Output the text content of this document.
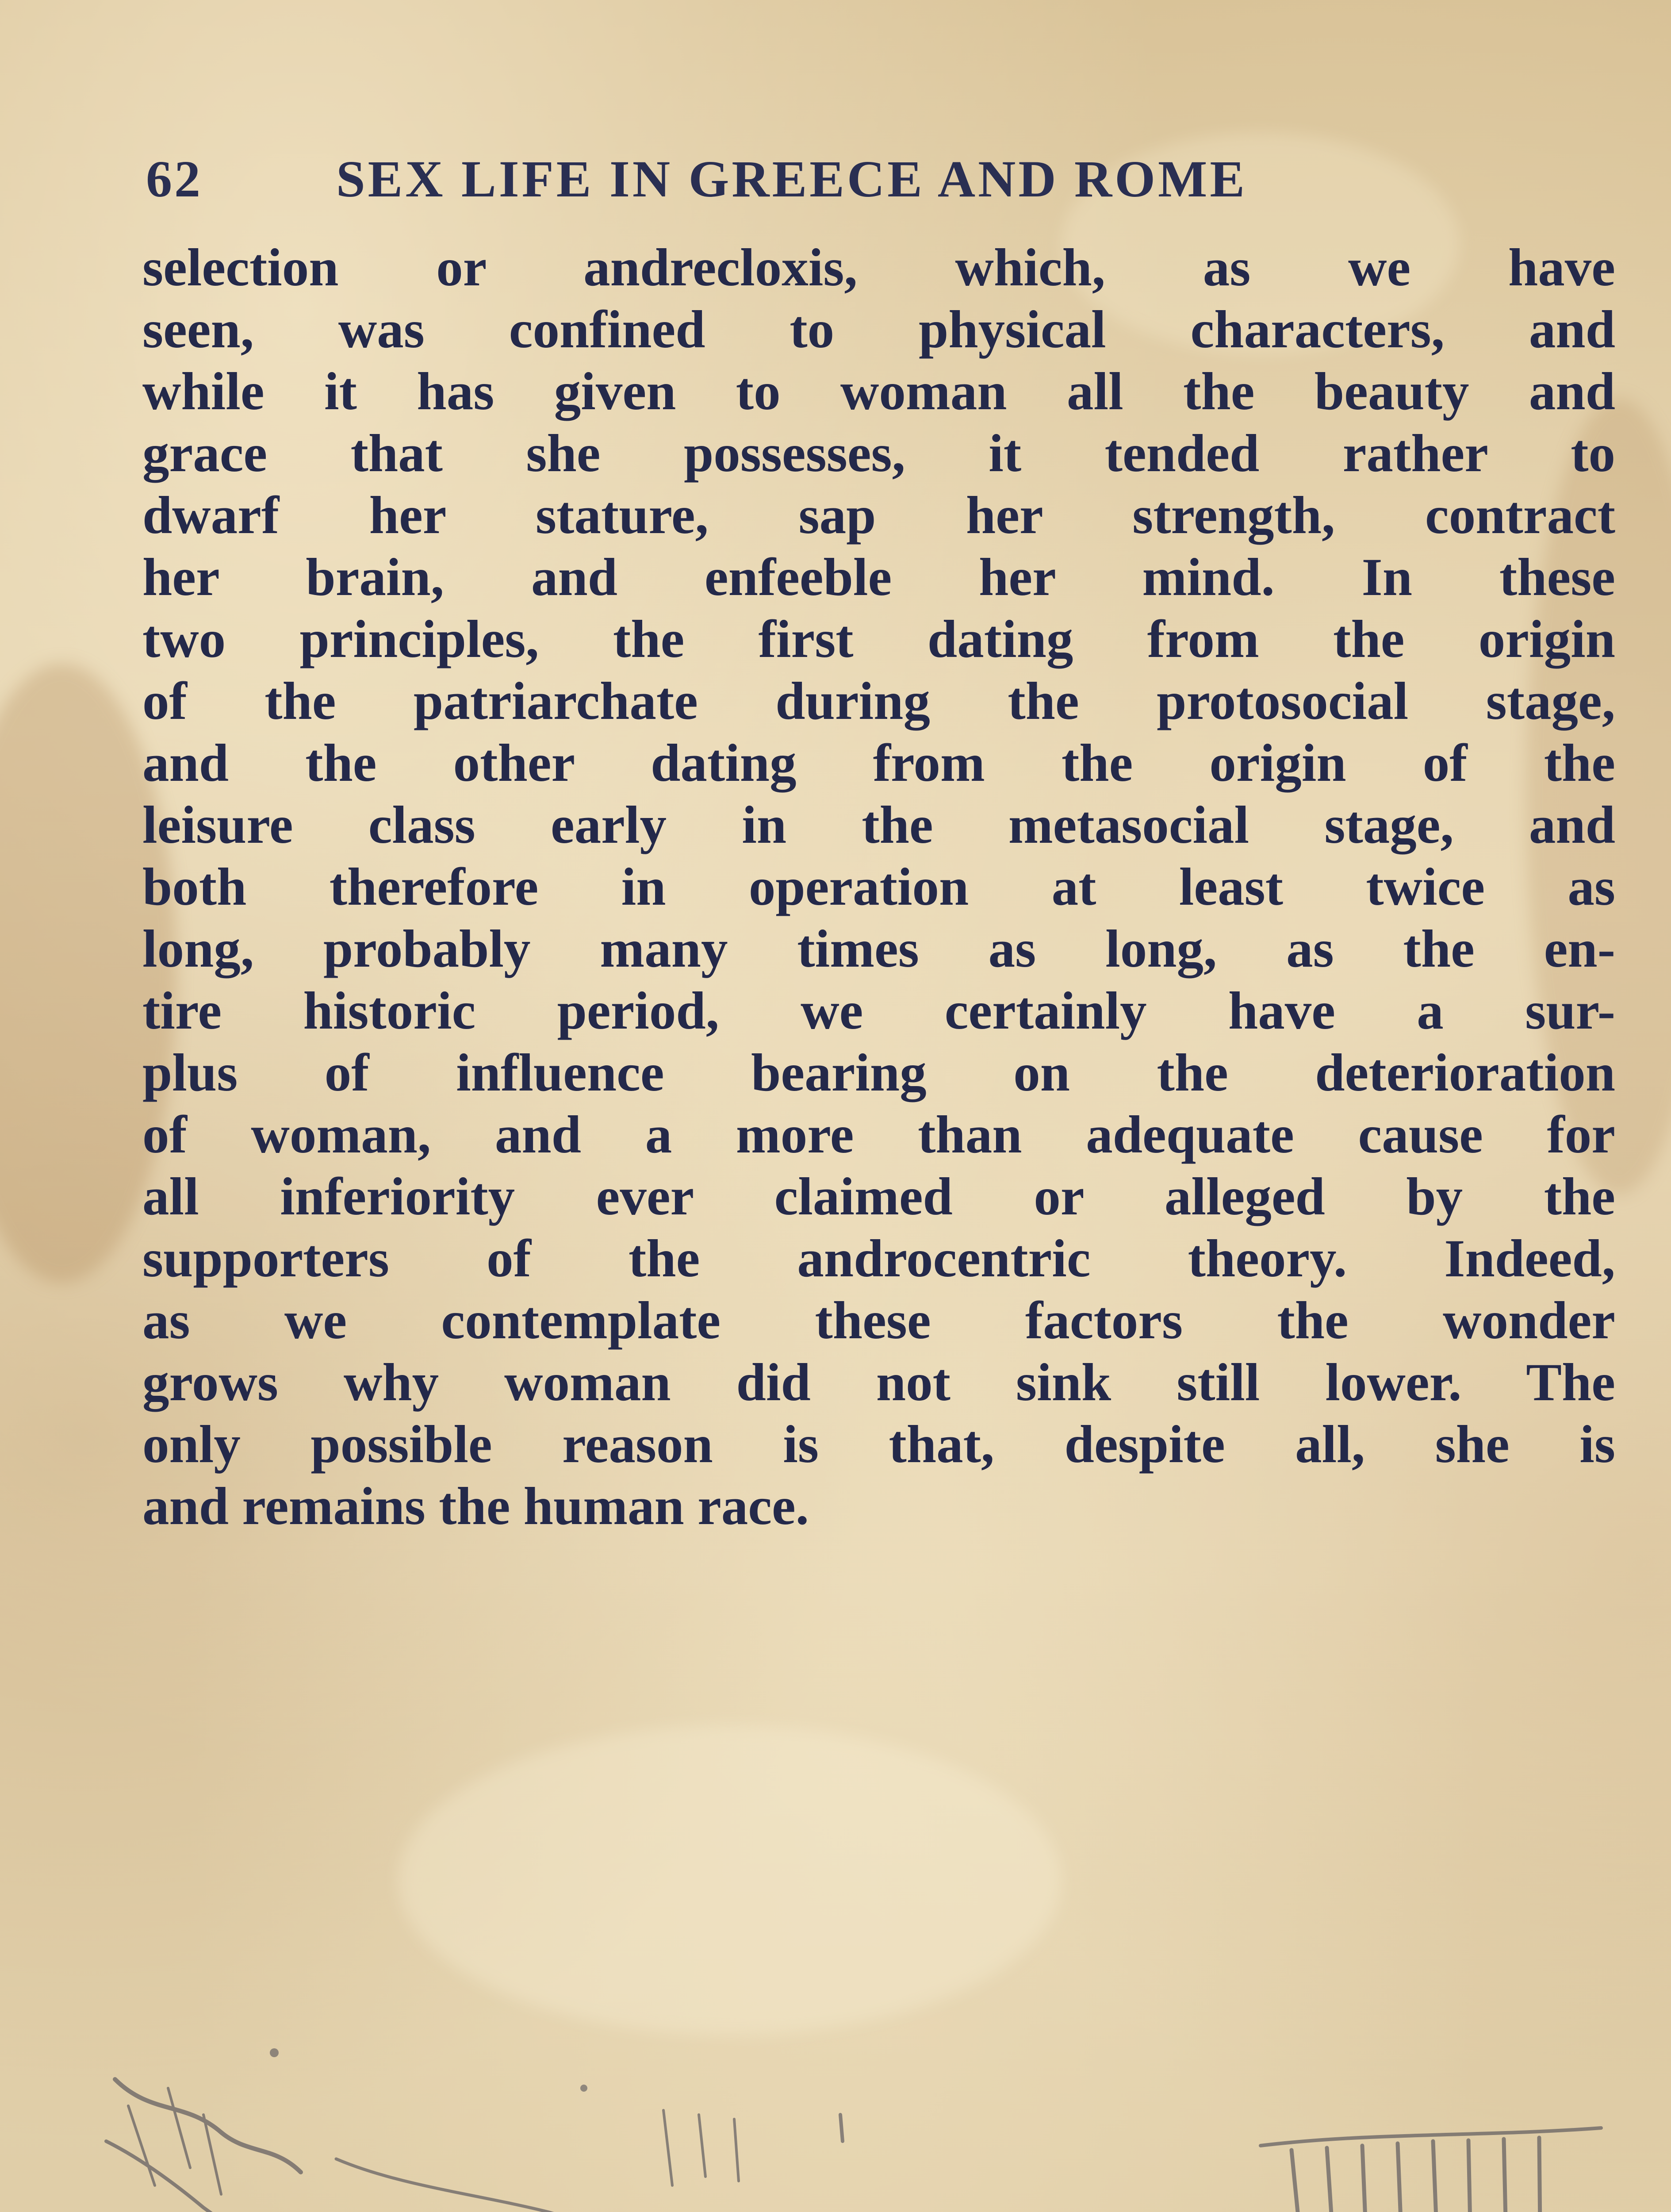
62	SEX LIFE IN GREECE AND ROME
selection or andrecloxis, which, as we have
seen, was confined to physical characters, and
while it has given to woman all the beauty and
grace that she possesses, it tended rather to
dwarf her stature, sap her strength, contract
her brain, and enfeeble her mind. In these
two principles, the first dating from the origin
of the patriarchate during the protosocial stage,
and the other dating from the origin of the
leisure class early in the metasocial stage, and
both therefore in operation at least twice as
long, probably many times as long, as the en-
tire historic period, we certainly have a sur-
plus of influence bearing on the deterioration
of woman, and a more than adequate cause for
all inferiority ever claimed or alleged by the
supporters of the androcentric theory. Indeed,
as we contemplate these factors the wonder
grows why woman did not sink still lower. The
only possible reason is that, despite all, she is
and remains the human race.
